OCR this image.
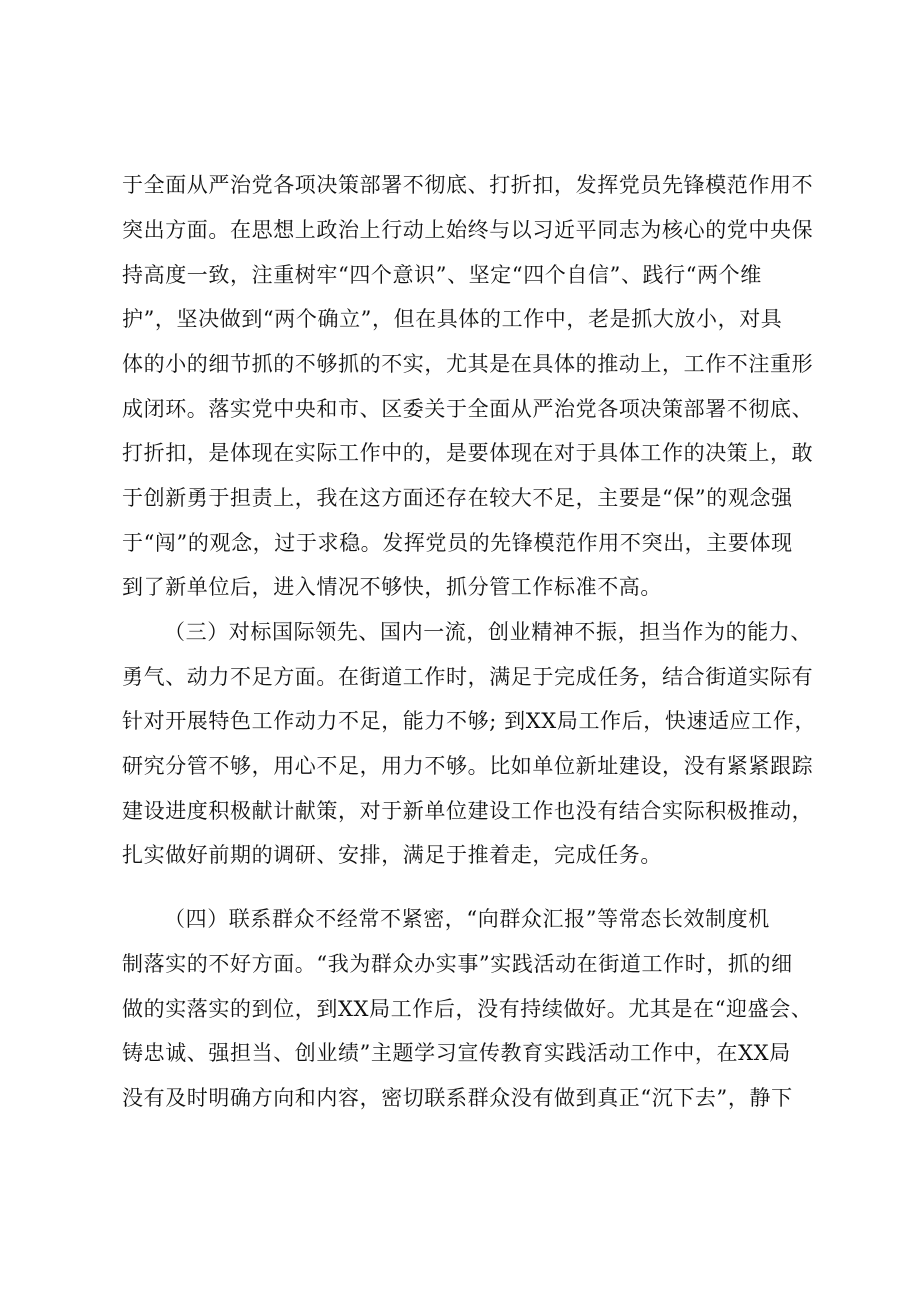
于全面从严治党各项决策部署不彻底、打折扣，发挥党员先锋模范作用不
突出方面。在思想上政治上行动上始终与以习近平同志为核心的党中央保
持高度一致，注重树牢“四个意识”、坚定“四个自信”、践行“两个维
护”，坚决做到“两个确立”，但在具体的工作中，老是抓大放小，对具
体的小的细节抓的不够抓的不实，尤其是在具体的推动上，工作不注重形
成闭环。落实党中央和市、区委关于全面从严治党各项决策部署不彻底、
打折扣，是体现在实际工作中的，是要体现在对于具体工作的决策上，敢
于创新勇于担责上，我在这方面还存在较大不足，主要是“保”的观念强
于“闯”的观念，过于求稳。发挥党员的先锋模范作用不突出，主要体现
到了新单位后，进入情况不够快，抓分管工作标准不高。
（三）对标国际领先、国内一流，创业精神不振，担当作为的能力、
勇气、动力不足方面。在街道工作时，满足于完成任务，结合街道实际有
针对开展特色工作动力不足，能力不够; 到XX局工作后，快速适应工作，
研究分管不够，用心不足，用力不够。比如单位新址建设，没有紧紧跟踪
建设进度积极献计献策，对于新单位建设工作也没有结合实际积极推动，
扎实做好前期的调研、安排，满足于推着走，完成任务。
（四）联系群众不经常不紧密，“向群众汇报”等常态长效制度机
制落实的不好方面。“我为群众办实事”实践活动在街道工作时，抓的细
做的实落实的到位，到XX局工作后，没有持续做好。尤其是在“迎盛会、
铸忠诚、强担当、创业绩”主题学习宣传教育实践活动工作中，在XX局
没有及时明确方向和内容，密切联系群众没有做到真正“沉下去”，静下
